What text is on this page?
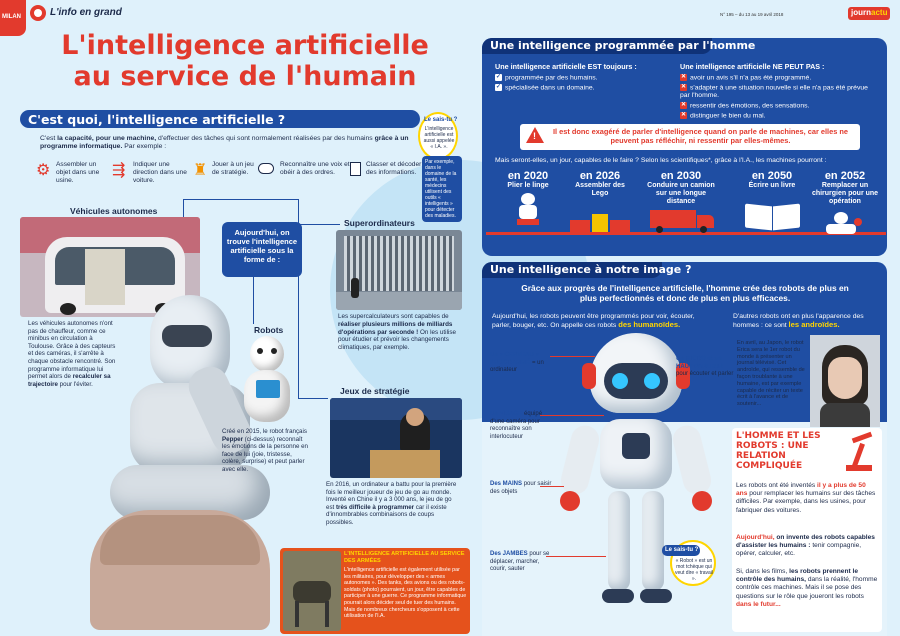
MILAN	L'info en grand	N° 195 – du 13 au 19 avril 2018	journactu
L'intelligence artificielle
au service de l'humain
C'est quoi, l'intelligence artificielle ?
C'est la capacité, pour une machine, d'effectuer des tâches qui sont normalement réalisées par des humains grâce à un programme informatique. Par exemple :
⚙ Assembler un objet dans une usine.
⇶ Indiquer une direction dans une voiture.
♜ Jouer à un jeu de stratégie.
Reconnaître une voix et obéir à des ordres.
Classer et décoder des informations.
Le sais-tu ?
L'intelligence artificielle est aussi appelée « I.A. ».
Par exemple, dans le domaine de la santé, les médecins utilisent des outils « intelligents » pour détecter des maladies.
Aujourd'hui, on trouve l'intelligence artificielle sous la forme de :
Véhicules autonomes
Les véhicules autonomes n'ont pas de chauffeur, comme ce minibus en circulation à Toulouse. Grâce à des capteurs et des caméras, il s'arrête à chaque obstacle rencontré. Son programme informatique lui permet alors de recalculer sa trajectoire pour l'éviter.
Superordinateurs
Les supercalculateurs sont capables de réaliser plusieurs millions de milliards d'opérations par seconde ! On les utilise pour étudier et prévoir les changements climatiques, par exemple.
Robots
Créé en 2015, le robot français Pepper (ci-dessus) reconnaît les émotions de la personne en face de lui (joie, tristesse, colère, surprise) et peut parler avec elle.
Jeux de stratégie
En 2016, un ordinateur a battu pour la première fois le meilleur joueur de jeu de go au monde. Inventé en Chine il y a 3 000 ans, le jeu de go est très difficile à programmer car il existe d'innombrables combinaisons de coups possibles.
L'INTELLIGENCE ARTIFICIELLE AU SERVICE DES ARMÉES
L'intelligence artificielle est également utilisée par les militaires, pour développer des « armes autonomes ». Des tanks, des avions ou des robots-soldats (photo) pourraient, un jour, être capables de participer à une guerre. Ce programme informatique pourrait alors décider seul de tuer des humains. Mais de nombreux chercheurs s'opposent à cette utilisation de l'I.A.
Une intelligence programmée par l'homme
Une intelligence artificielle EST toujours :
✓ programmée par des humains.
✓ spécialisée dans un domaine.
Une intelligence artificielle NE PEUT PAS :
✕ avoir un avis s'il n'a pas été programmé.
✕ s'adapter à une situation nouvelle si elle n'a pas été prévue par l'homme.
✕ ressentir des émotions, des sensations.
✕ distinguer le bien du mal.
!	Il est donc exagéré de parler d'intelligence quand on parle de machines, car elles ne peuvent pas réfléchir, ni ressentir par elles-mêmes.
Mais seront-elles, un jour, capables de le faire ? Selon les scientifiques*, grâce à l'I.A., les machines pourront :
en 2020
Plier le linge
en 2026
Assembler des Lego
en 2030
Conduire un camion sur une longue distance
en 2050
Écrire un livre
en 2052
Remplacer un chirurgien pour une opération
Une intelligence à notre image ?
Grâce aux progrès de l'intelligence artificielle, l'homme crée des robots de plus en plus perfectionnés et donc de plus en plus efficaces.
Aujourd'hui, les robots peuvent être programmés pour voir, écouter, parler, bouger, etc. On appelle ces robots des humanoïdes.
D'autres robots ont en plus l'apparence des hommes : ce sont les androïdes.
Un « CERVEAU » PROGRAMMÉ = un ordinateur
Un MICRO et un HAUT-PARLEUR pour écouter et parler
Un VISAGE équipé d'une caméra pour reconnaître son interlocuteur
Des MAINS pour saisir des objets
Des JAMBES pour se déplacer, marcher, courir, sauter
Le sais-tu ?
« Robot » est un mot tchèque qui veut dire « travail ».
En avril, au Japon, le robot Erica sera le 1er robot du monde à présenter un journal télévisé. Cet androïde, qui ressemble de façon troublante à une humaine, est par exemple capable de réciter un texte écrit à l'avance et de soutenir...
L'HOMME ET LES ROBOTS : UNE RELATION COMPLIQUÉE
Les robots ont été inventés il y a plus de 50 ans pour remplacer les humains sur des tâches difficiles. Par exemple, dans les usines, pour fabriquer des voitures.
Aujourd'hui, on invente des robots capables d'assister les humains : tenir compagnie, opérer, calculer, etc.
Si, dans les films, les robots prennent le contrôle des humains, dans la réalité, l'homme contrôle ces machines. Mais il se pose des questions sur le rôle que joueront les robots dans le futur...
